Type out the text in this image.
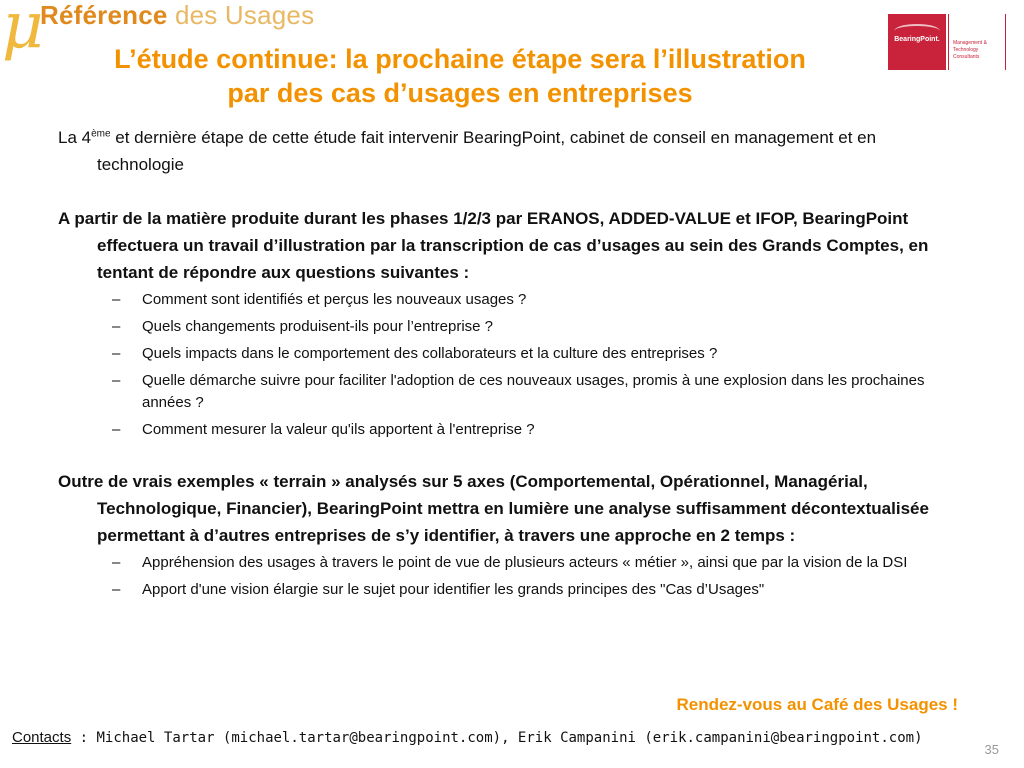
μ
Référence des Usages
BearingPoint.	Management & Technology Consultants
L’étude continue: la prochaine étape sera l’illustration
par des cas d’usages en entreprises

La 4ème et dernière étape de cette étude fait intervenir BearingPoint, cabinet de conseil en management et en technologie

A partir de la matière produite durant les phases 1/2/3 par ERANOS, ADDED-VALUE et IFOP, BearingPoint effectuera un travail d’illustration par la transcription de cas d’usages au sein des Grands Comptes, en tentant de répondre aux questions suivantes :

– Comment sont identifiés et perçus les nouveaux usages ?
– Quels changements produisent-ils pour l’entreprise ?
– Quels impacts dans le comportement des collaborateurs et la culture des entreprises ?
– Quelle démarche suivre pour faciliter l'adoption de ces nouveaux usages, promis à une explosion dans les prochaines années ?
– Comment mesurer la valeur qu'ils apportent à l'entreprise ?

Outre de vrais exemples « terrain » analysés sur 5 axes (Comportemental, Opérationnel, Managérial, Technologique, Financier), BearingPoint mettra en lumière une analyse suffisamment décontextualisée permettant à d’autres entreprises de s’y identifier, à travers une approche en 2 temps :

– Appréhension des usages à travers le point de vue de plusieurs acteurs « métier », ainsi que par la vision de la DSI
– Apport d'une vision élargie sur le sujet pour identifier les grands principes des "Cas d’Usages"
Rendez-vous au Café des Usages !
Contacts : Michael Tartar (michael.tartar@bearingpoint.com), Erik Campanini (erik.campanini@bearingpoint.com)
35
